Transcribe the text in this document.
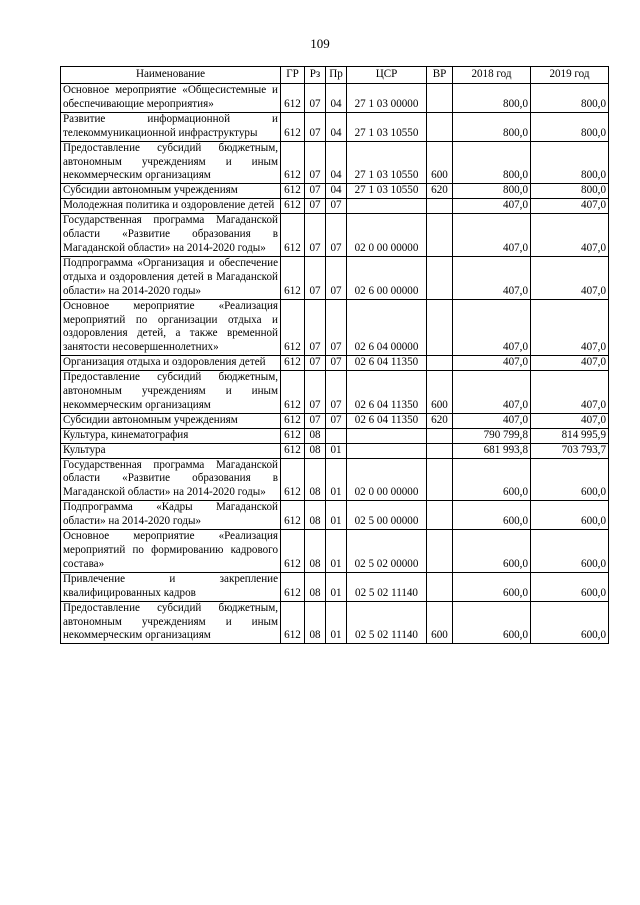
109
Наименование	ГР	Рз	Пр	ЦСР	ВР	2018 год	2019 год
Основное мероприятие «Общесистемные и обеспечивающие мероприятия»	612	07	04	27 1 03 00000		800,0	800,0
Развитие информационной и телекоммуникационной инфраструктуры	612	07	04	27 1 03 10550		800,0	800,0
Предоставление субсидий бюджетным, автономным учреждениям и иным некоммерческим организациям	612	07	04	27 1 03 10550	600	800,0	800,0
Субсидии автономным учреждениям	612	07	04	27 1 03 10550	620	800,0	800,0
Молодежная политика и оздоровление детей	612	07	07			407,0	407,0
Государственная программа Магаданской области «Развитие образования в Магаданской области» на 2014-2020 годы»	612	07	07	02 0 00 00000		407,0	407,0
Подпрограмма «Организация и обеспечение отдыха и оздоровления детей в Магаданской области» на 2014-2020 годы»	612	07	07	02 6 00 00000		407,0	407,0
Основное мероприятие «Реализация мероприятий по организации отдыха и оздоровления детей, а также временной занятости несовершеннолетних»	612	07	07	02 6 04 00000		407,0	407,0
Организация отдыха и оздоровления детей	612	07	07	02 6 04 11350		407,0	407,0
Предоставление субсидий бюджетным, автономным учреждениям и иным некоммерческим организациям	612	07	07	02 6 04 11350	600	407,0	407,0
Субсидии автономным учреждениям	612	07	07	02 6 04 11350	620	407,0	407,0
Культура, кинематография	612	08				790 799,8	814 995,9
Культура	612	08	01			681 993,8	703 793,7
Государственная программа Магаданской области «Развитие образования в Магаданской области» на 2014-2020 годы»	612	08	01	02 0 00 00000		600,0	600,0
Подпрограмма «Кадры Магаданской области» на 2014-2020 годы»	612	08	01	02 5 00 00000		600,0	600,0
Основное мероприятие «Реализация мероприятий по формированию кадрового состава»	612	08	01	02 5 02 00000		600,0	600,0
Привлечение и закрепление квалифицированных кадров	612	08	01	02 5 02 11140		600,0	600,0
Предоставление субсидий бюджетным, автономным учреждениям и иным некоммерческим организациям	612	08	01	02 5 02 11140	600	600,0	600,0
